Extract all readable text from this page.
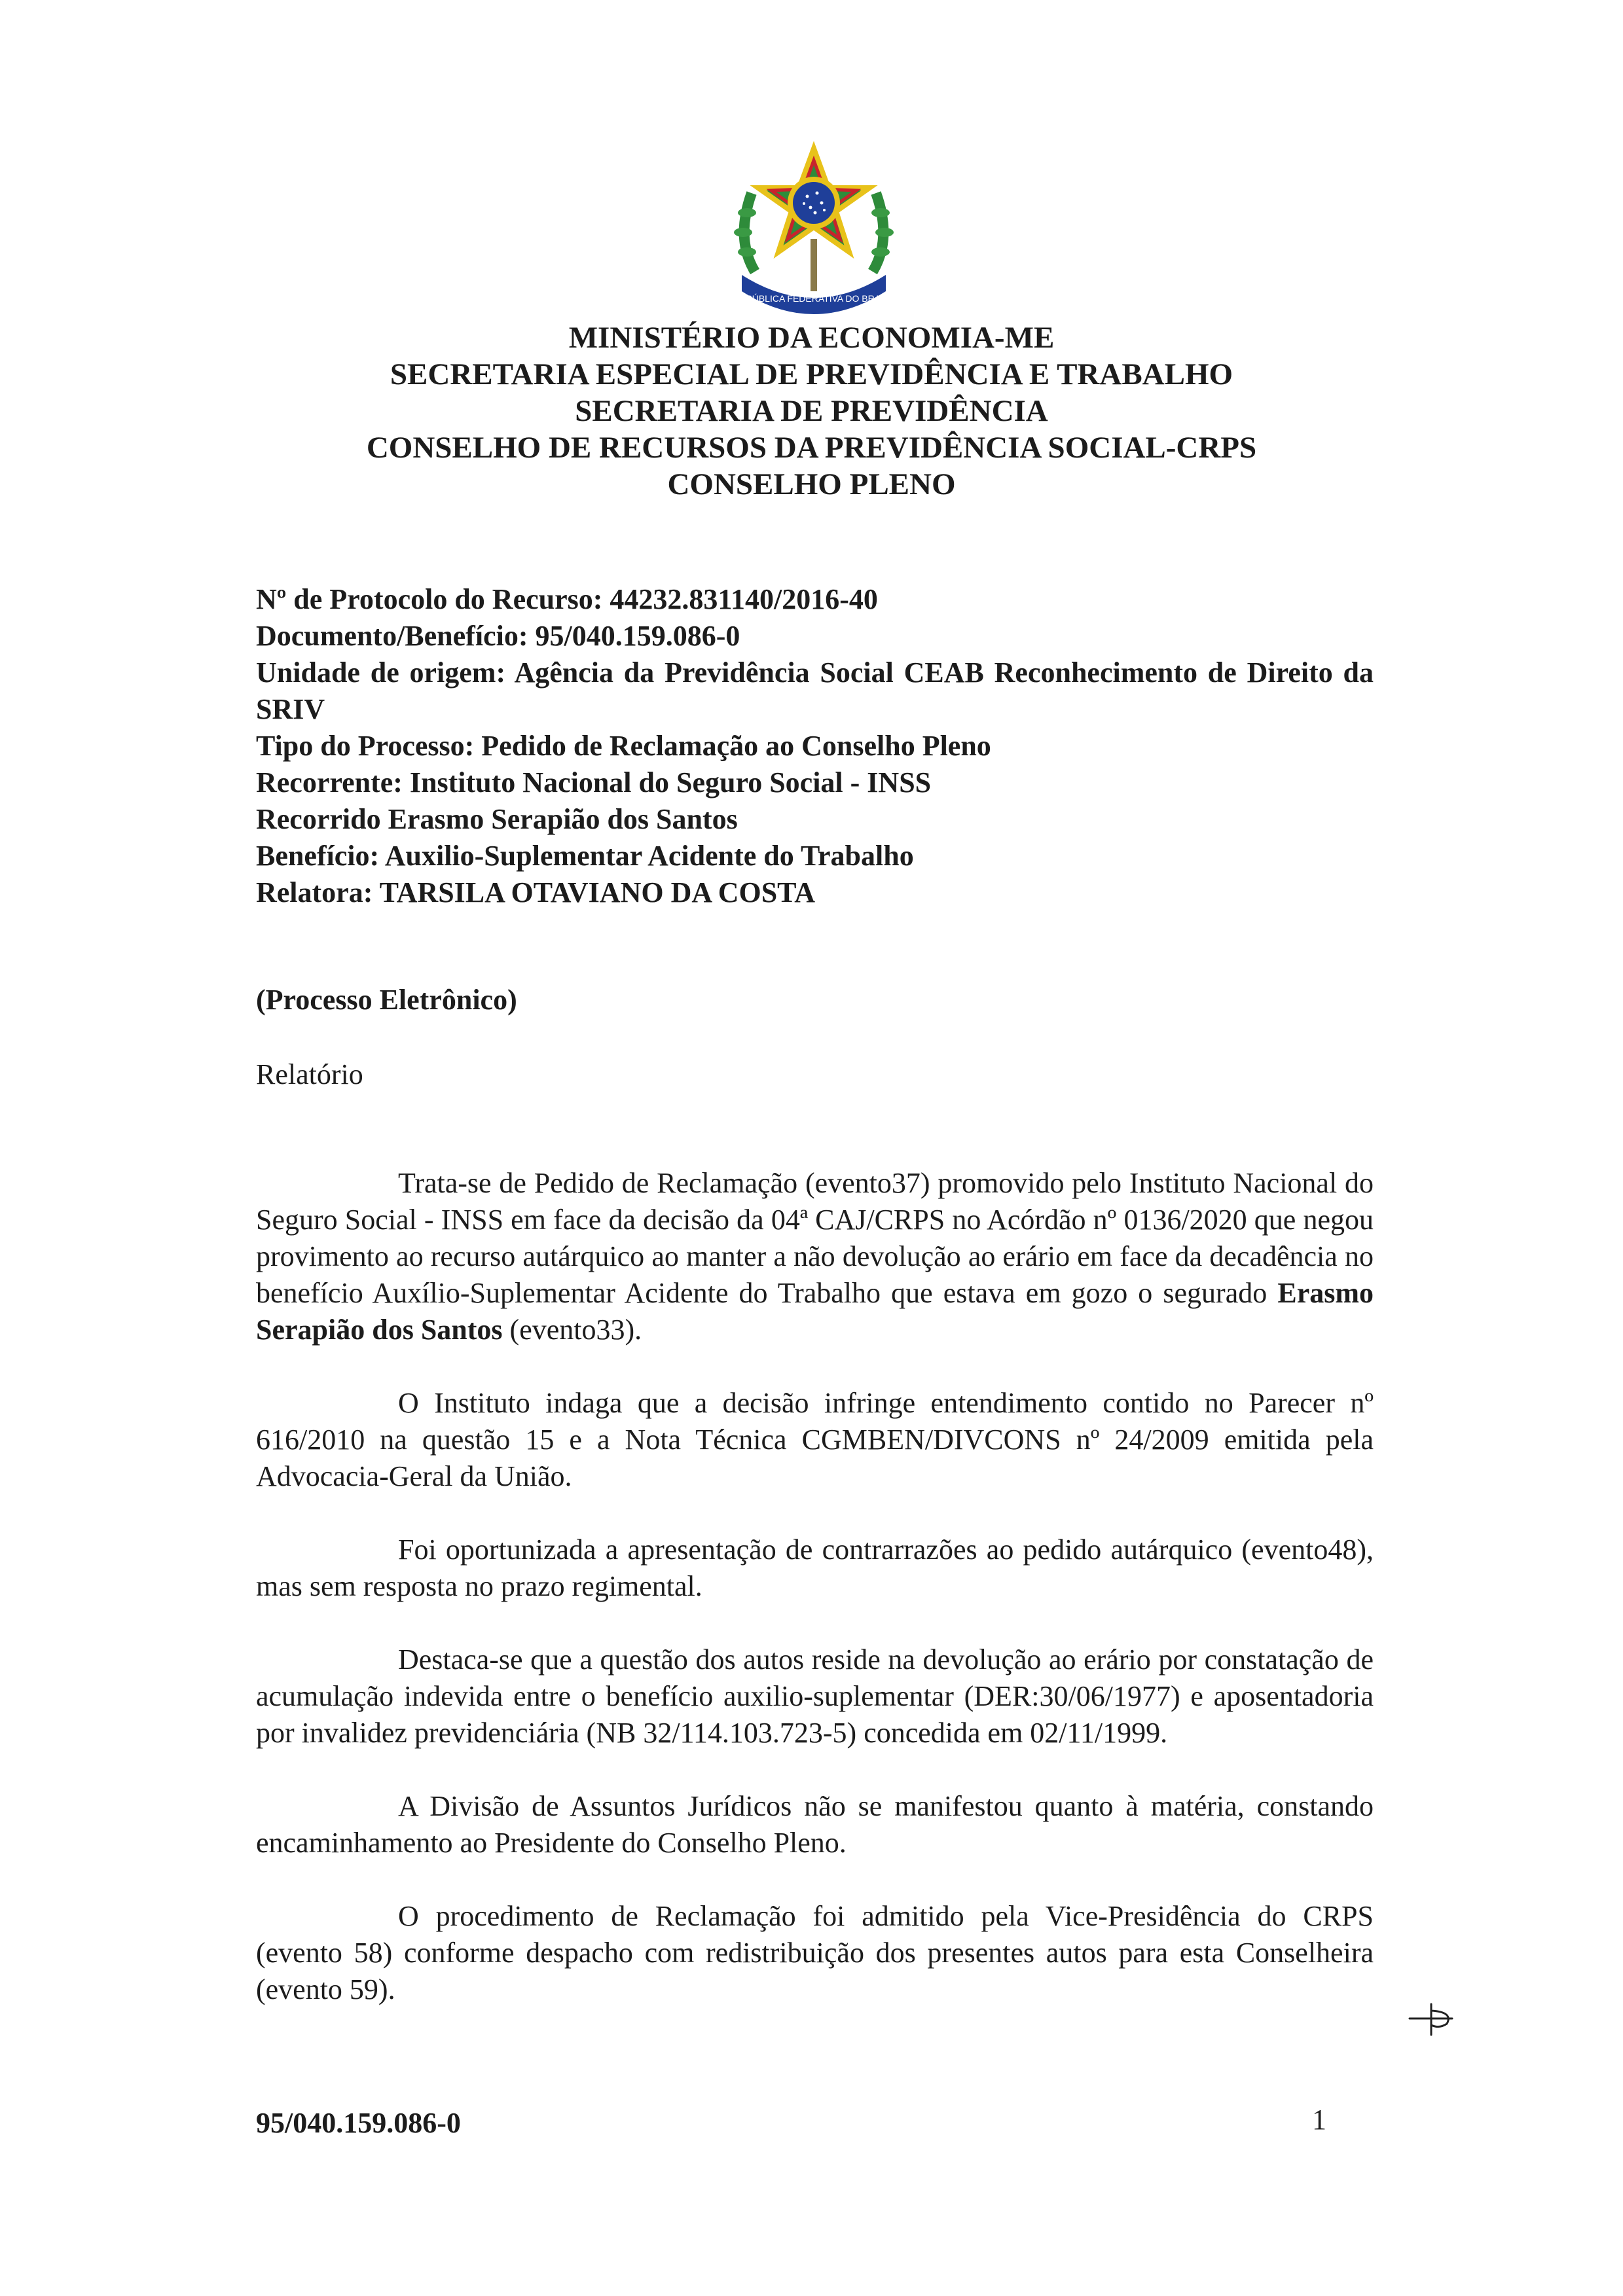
REPÚBLICA FEDERATIVA DO BRASIL
MINISTÉRIO DA ECONOMIA-ME
SECRETARIA ESPECIAL DE PREVIDÊNCIA E TRABALHO
SECRETARIA DE PREVIDÊNCIA
CONSELHO DE RECURSOS DA PREVIDÊNCIA SOCIAL-CRPS
CONSELHO PLENO
Nº de Protocolo do Recurso: 44232.831140/2016-40
Documento/Benefício: 95/040.159.086-0
Unidade de origem: Agência da Previdência Social CEAB Reconhecimento de Direito da SRIV
Tipo do Processo: Pedido de Reclamação ao Conselho Pleno
Recorrente: Instituto Nacional do Seguro Social - INSS
Recorrido Erasmo Serapião dos Santos
Benefício: Auxilio-Suplementar Acidente do Trabalho
Relatora: TARSILA OTAVIANO DA COSTA
(Processo Eletrônico)
Relatório

Trata-se de Pedido de Reclamação (evento37) promovido pelo Instituto Nacional do Seguro Social - INSS em face da decisão da 04ª CAJ/CRPS no Acórdão nº 0136/2020 que negou provimento ao recurso autárquico ao manter a não devolução ao erário em face da decadência no benefício Auxílio-Suplementar Acidente do Trabalho que estava em gozo o segurado Erasmo Serapião dos Santos (evento33).

O Instituto indaga que a decisão infringe entendimento contido no Parecer nº 616/2010 na questão 15 e a Nota Técnica CGMBEN/DIVCONS nº 24/2009 emitida pela Advocacia-Geral da União.

Foi oportunizada a apresentação de contrarrazões ao pedido autárquico (evento48), mas sem resposta no prazo regimental.

Destaca-se que a questão dos autos reside na devolução ao erário por constatação de acumulação indevida entre o benefício auxilio-suplementar (DER:30/06/1977) e aposentadoria por invalidez previdenciária (NB 32/114.103.723-5) concedida em 02/11/1999.

A Divisão de Assuntos Jurídicos não se manifestou quanto à matéria, constando encaminhamento ao Presidente do Conselho Pleno.

O procedimento de Reclamação foi admitido pela Vice-Presidência do CRPS (evento 58) conforme despacho com redistribuição dos presentes autos para esta Conselheira (evento 59).

95/040.159.086-0	1
